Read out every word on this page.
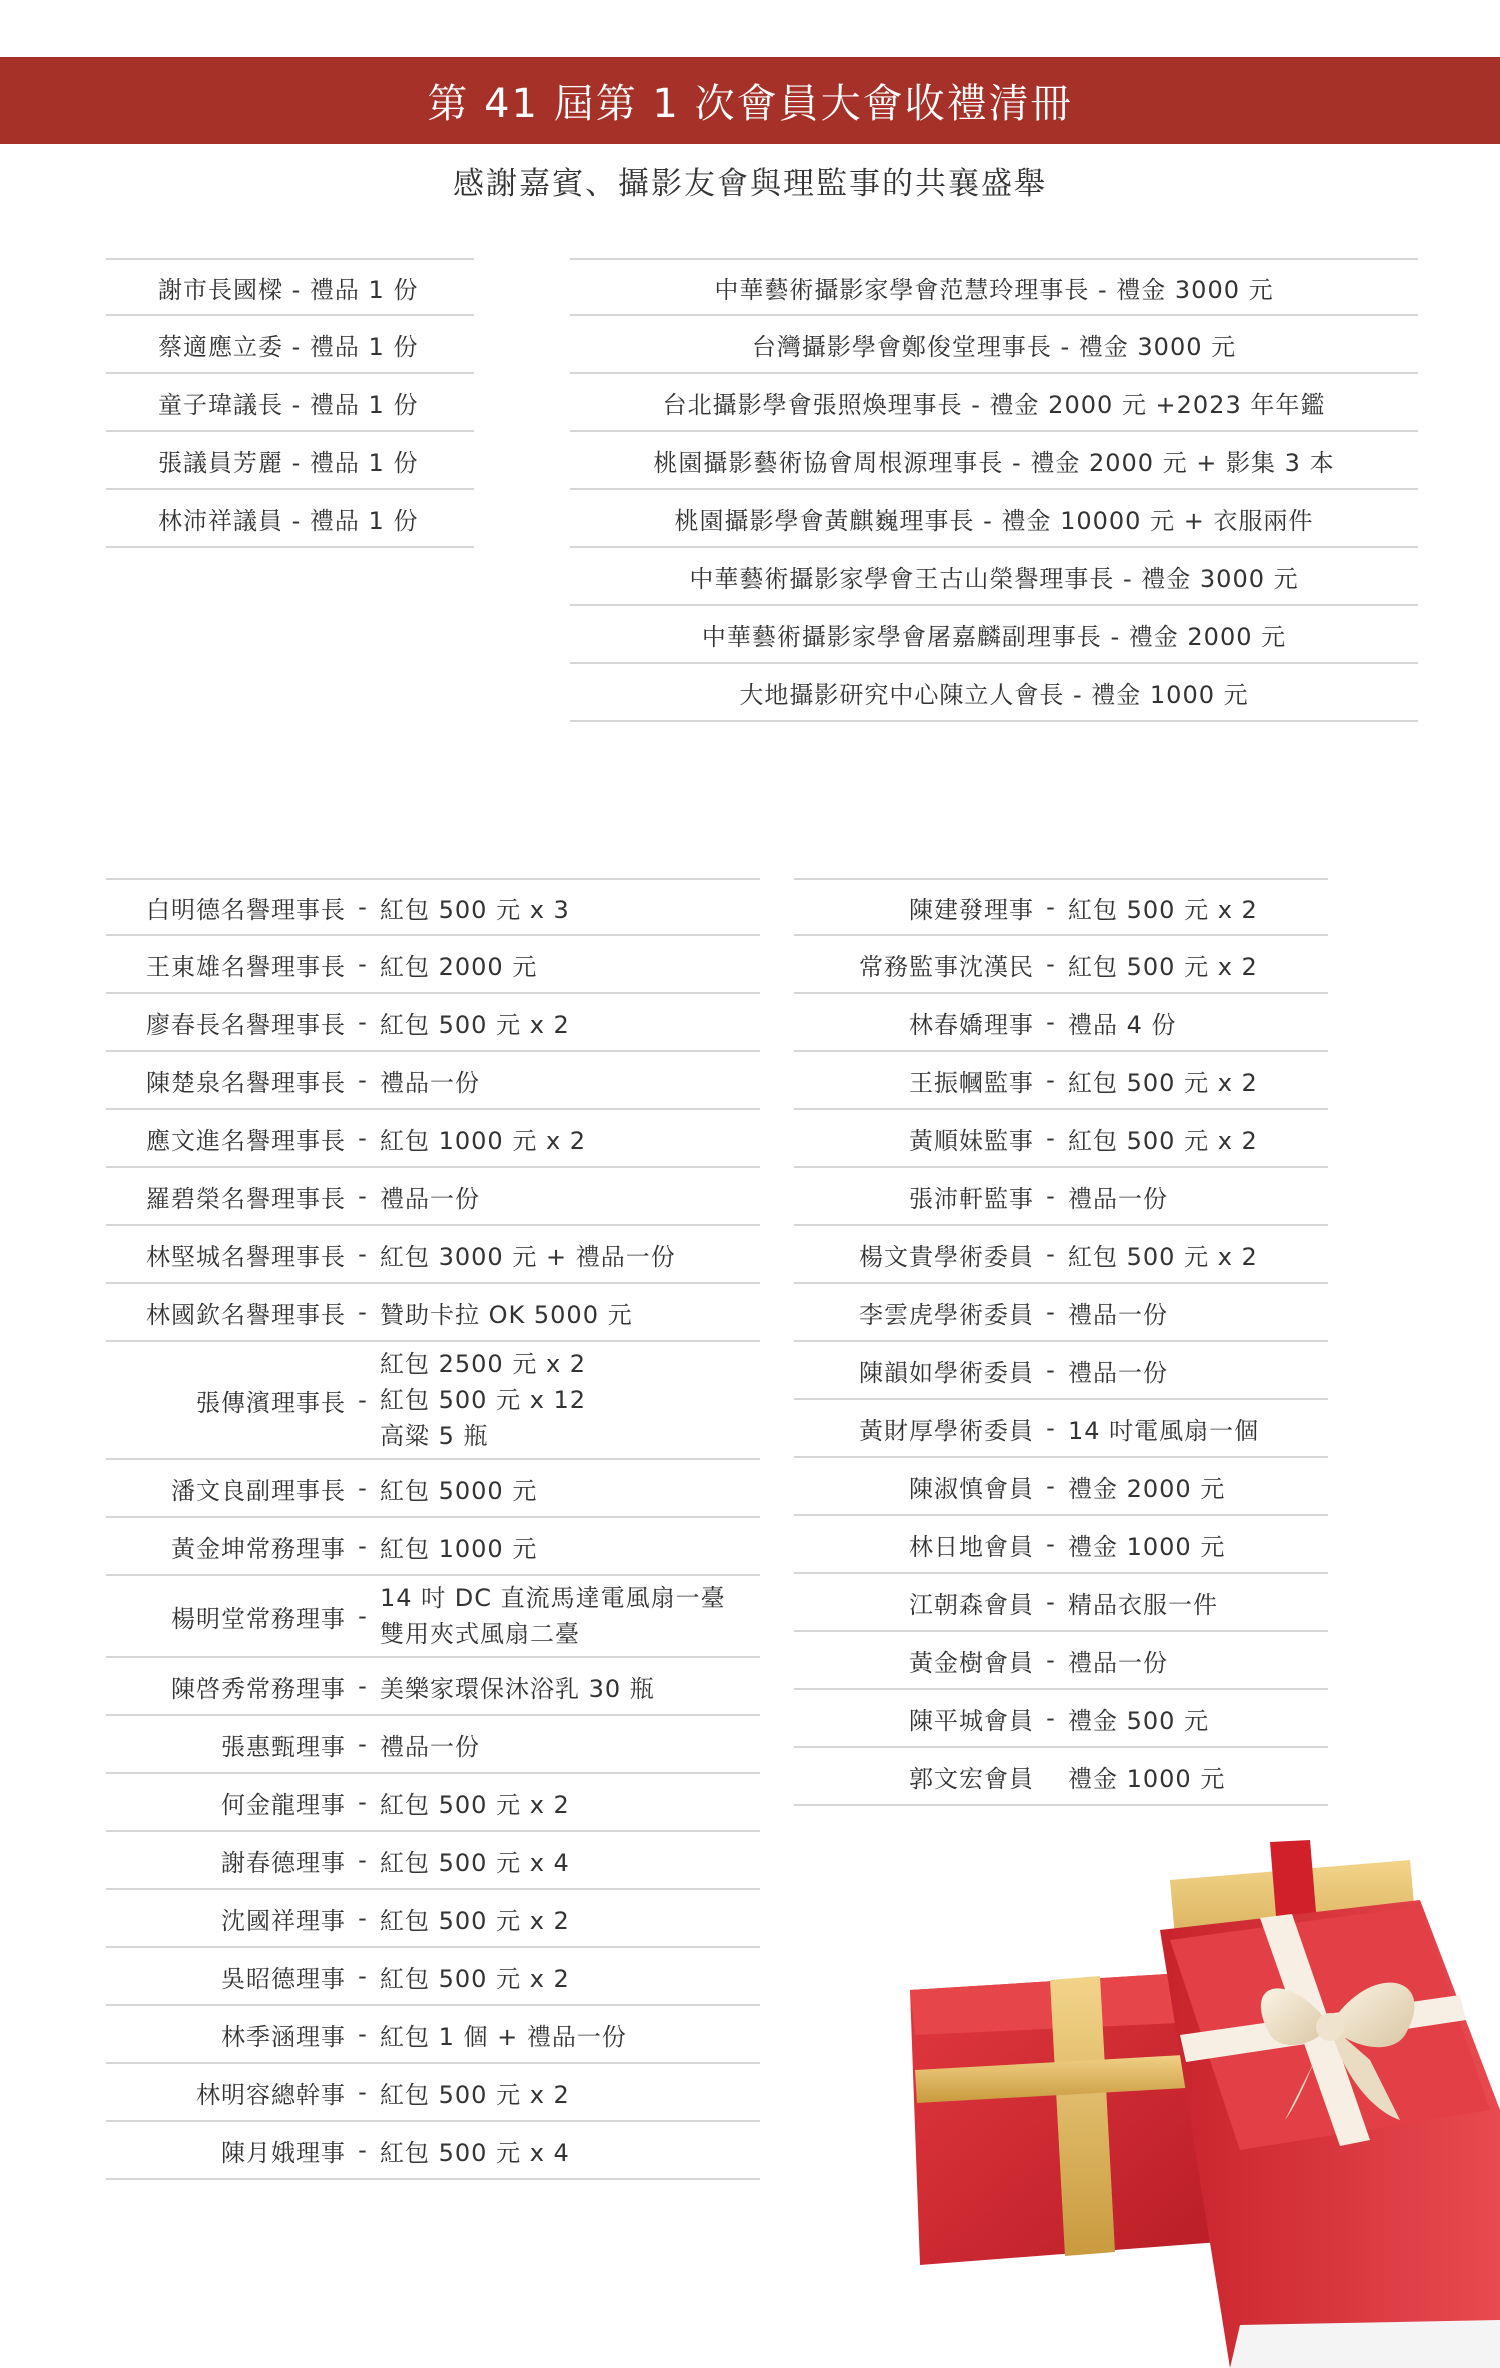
第 41 屆第 1 次會員大會收禮清冊
感謝嘉賓、攝影友會與理監事的共襄盛舉
謝市長國樑 - 禮品 1 份
蔡適應立委 - 禮品 1 份
童子瑋議長 - 禮品 1 份
張議員芳麗 - 禮品 1 份
林沛祥議員 - 禮品 1 份
中華藝術攝影家學會范慧玲理事長 - 禮金 3000 元
台灣攝影學會鄭俊堂理事長 - 禮金 3000 元
台北攝影學會張照煥理事長 - 禮金 2000 元 +2023 年年鑑
桃園攝影藝術協會周根源理事長 - 禮金 2000 元 + 影集 3 本
桃園攝影學會黃麒巍理事長 - 禮金 10000 元 + 衣服兩件
中華藝術攝影家學會王古山榮譽理事長 - 禮金 3000 元
中華藝術攝影家學會屠嘉麟副理事長 - 禮金 2000 元
大地攝影研究中心陳立人會長 - 禮金 1000 元
白明德名譽理事長 - 紅包 500 元 x 3
王東雄名譽理事長 - 紅包 2000 元
廖春長名譽理事長 - 紅包 500 元 x 2
陳楚泉名譽理事長 - 禮品一份
應文進名譽理事長 - 紅包 1000 元 x 2
羅碧榮名譽理事長 - 禮品一份
林堅城名譽理事長 - 紅包 3000 元 + 禮品一份
林國欽名譽理事長 - 贊助卡拉 OK 5000 元
張傳濱理事長 -
紅包 2500 元 x 2
紅包 500 元 x 12
高粱 5 瓶
潘文良副理事長 - 紅包 5000 元
黃金坤常務理事 - 紅包 1000 元
楊明堂常務理事 -
14 吋 DC 直流馬達電風扇一臺
雙用夾式風扇二臺
陳啓秀常務理事 - 美樂家環保沐浴乳 30 瓶
張惠甄理事 - 禮品一份
何金龍理事 - 紅包 500 元 x 2
謝春德理事 - 紅包 500 元 x 4
沈國祥理事 - 紅包 500 元 x 2
吳昭德理事 - 紅包 500 元 x 2
林季涵理事 - 紅包 1 個 + 禮品一份
林明容總幹事 - 紅包 500 元 x 2
陳月娥理事 - 紅包 500 元 x 4
陳建發理事 - 紅包 500 元 x 2
常務監事沈漢民 - 紅包 500 元 x 2
林春嬌理事 - 禮品 4 份
王振幗監事 - 紅包 500 元 x 2
黃順妹監事 - 紅包 500 元 x 2
張沛軒監事 - 禮品一份
楊文貴學術委員 - 紅包 500 元 x 2
李雲虎學術委員 - 禮品一份
陳韻如學術委員 - 禮品一份
黃財厚學術委員 - 14 吋電風扇一個
陳淑慎會員 - 禮金 2000 元
林日地會員 - 禮金 1000 元
江朝森會員 - 精品衣服一件
黃金樹會員 - 禮品一份
陳平城會員 - 禮金 500 元
郭文宏會員 禮金 1000 元
